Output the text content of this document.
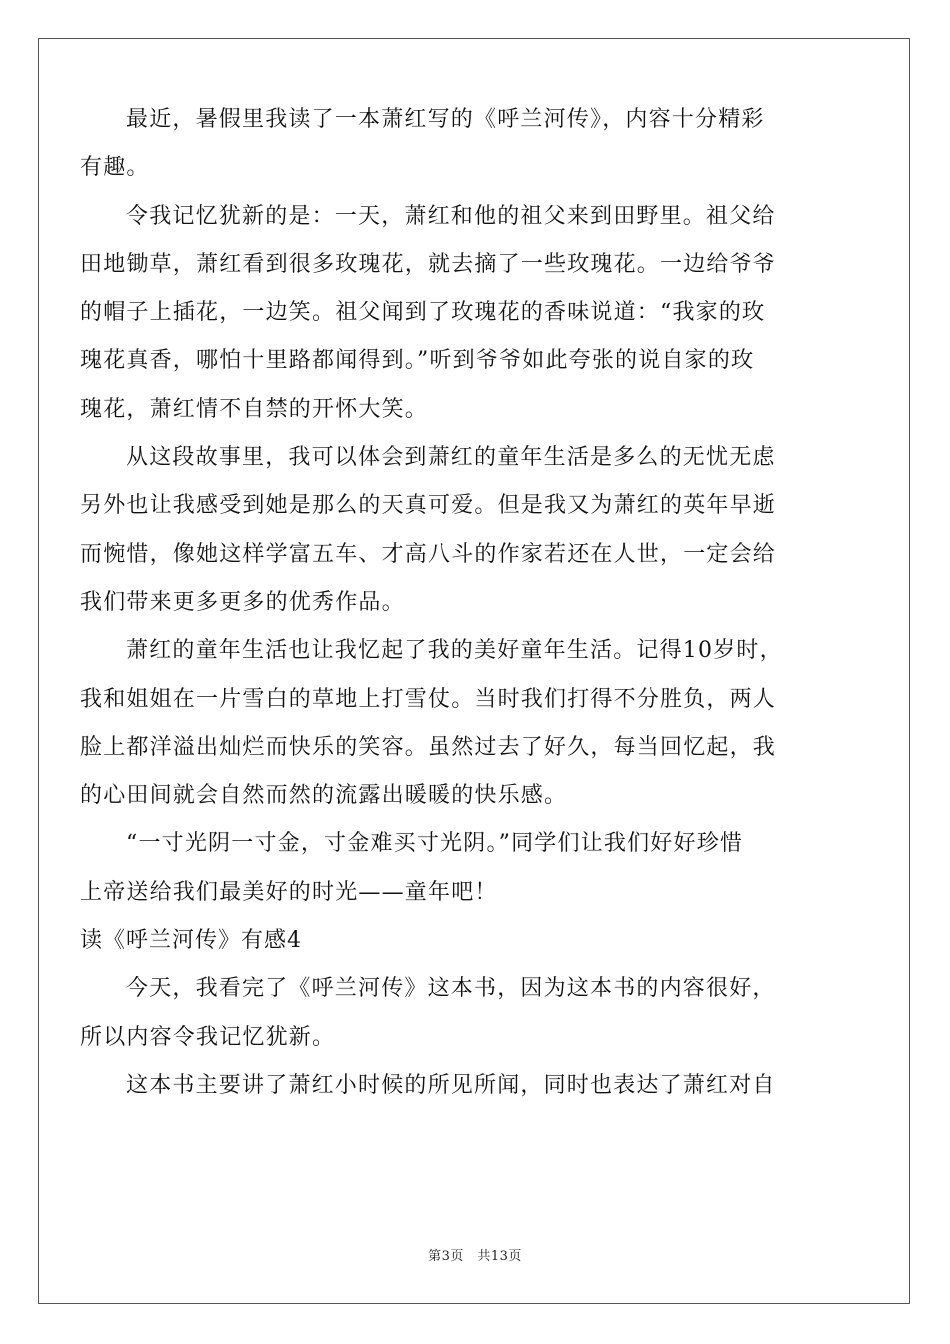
最近，暑假里我读了一本萧红写的《呼兰河传》，内容十分精彩
有趣。
令我记忆犹新的是：一天，萧红和他的祖父来到田野里。祖父给
田地锄草，萧红看到很多玫瑰花，就去摘了一些玫瑰花。一边给爷爷
的帽子上插花，一边笑。祖父闻到了玫瑰花的香味说道：“我家的玫
瑰花真香，哪怕十里路都闻得到。”听到爷爷如此夸张的说自家的玫
瑰花，萧红情不自禁的开怀大笑。
从这段故事里，我可以体会到萧红的童年生活是多么的无忧无虑
另外也让我感受到她是那么的天真可爱。但是我又为萧红的英年早逝
而惋惜，像她这样学富五车、才高八斗的作家若还在人世，一定会给
我们带来更多更多的优秀作品。
萧红的童年生活也让我忆起了我的美好童年生活。记得10岁时，
我和姐姐在一片雪白的草地上打雪仗。当时我们打得不分胜负，两人
脸上都洋溢出灿烂而快乐的笑容。虽然过去了好久，每当回忆起，我
的心田间就会自然而然的流露出暖暖的快乐感。
“一寸光阴一寸金，寸金难买寸光阴。”同学们让我们好好珍惜
上帝送给我们最美好的时光——童年吧！
读《呼兰河传》有感4
今天，我看完了《呼兰河传》这本书，因为这本书的内容很好，
所以内容令我记忆犹新。
这本书主要讲了萧红小时候的所见所闻，同时也表达了萧红对自
第3页　共13页
